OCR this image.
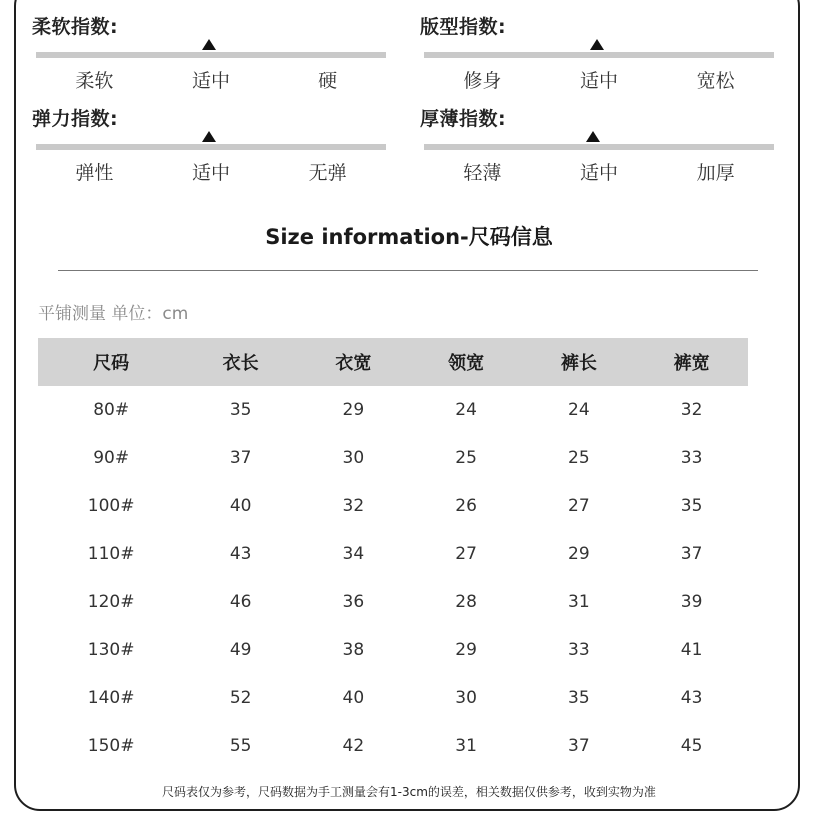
柔软指数:
柔软	适中	硬
版型指数:
修身	适中	宽松
弹力指数:
弹性	适中	无弹
厚薄指数:
轻薄	适中	加厚
Size information-尺码信息
平铺测量 单位：cm
尺码	衣长	衣宽	领宽	裤长	裤宽
80#	35	29	24	24	32
90#	37	30	25	25	33
100#	40	32	26	27	35
110#	43	34	27	29	37
120#	46	36	28	31	39
130#	49	38	29	33	41
140#	52	40	30	35	43
150#	55	42	31	37	45
尺码表仅为参考，尺码数据为手工测量会有1-3cm的误差，相关数据仅供参考，收到实物为准
